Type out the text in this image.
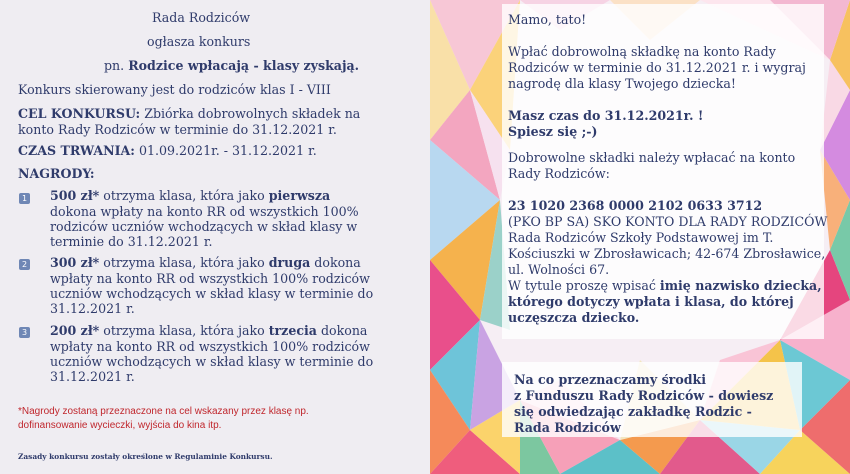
Rada Rodziców
ogłasza konkurs
pn. Rodzice wpłacają - klasy zyskają.
Konkurs skierowany jest do rodziców klas I - VIII
CEL KONKURSU: Zbiórka dobrowolnych składek na
konto Rady Rodziców w terminie do 31.12.2021 r.
CZAS TRWANIA: 01.09.2021r. - 31.12.2021 r.
NAGRODY:
1 500 zł* otrzyma klasa, która jako pierwsza
dokona wpłaty na konto RR od wszystkich 100%
rodziców uczniów wchodzących w skład klasy w
terminie do 31.12.2021 r.
2 300 zł* otrzyma klasa, która jako druga dokona
wpłaty na konto RR od wszystkich 100% rodziców
uczniów wchodzących w skład klasy w terminie do
31.12.2021 r.
3 200 zł* otrzyma klasa, która jako trzecia dokona
wpłaty na konto RR od wszystkich 100% rodziców
uczniów wchodzących w skład klasy w terminie do
31.12.2021 r.
*Nagrody zostaną przeznaczone na cel wskazany przez klasę np.
dofinansowanie wycieczki, wyjścia do kina itp.
Zasady konkursu zostały określone w Regulaminie Konkursu.
Mamo, tato!
Wpłać dobrowolną składkę na konto Rady
Rodziców w terminie do 31.12.2021 r. i wygraj
nagrodę dla klasy Twojego dziecka!
Masz czas do 31.12.2021r. !
Spiesz się ;-)
Dobrowolne składki należy wpłacać na konto
Rady Rodziców:
23 1020 2368 0000 2102 0633 3712
(PKO BP SA) SKO KONTO DLA RADY RODZICÓW
Rada Rodziców Szkoły Podstawowej im T.
Kościuszki w Zbrosławicach; 42-674 Zbrosławice,
ul. Wolności 67.
W tytule proszę wpisać imię nazwisko dziecka,
którego dotyczy wpłata i klasa, do której
uczęszcza dziecko.
Na co przeznaczamy środki
z Funduszu Rady Rodziców - dowiesz
się odwiedzając zakładkę Rodzic -
Rada Rodziców
